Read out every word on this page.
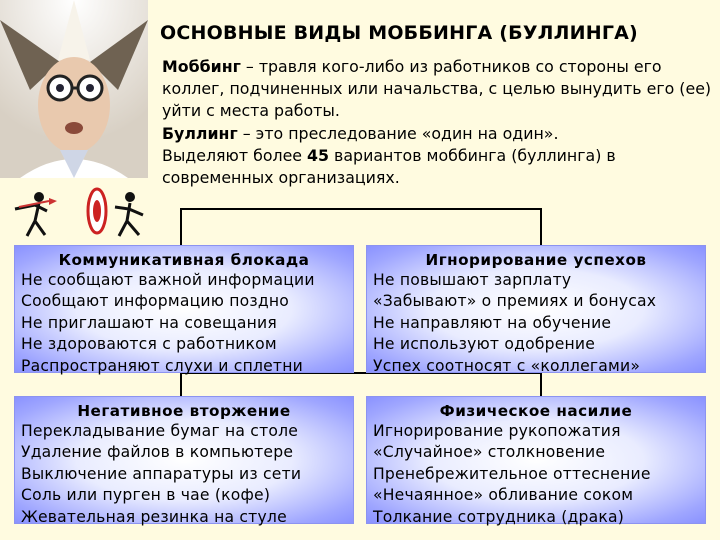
ОСНОВНЫЕ ВИДЫ МОББИНГА (БУЛЛИНГА)
Моббинг – травля кого-либо из работников со стороны его коллег, подчиненных или начальства, с целью вынудить его (ее) уйти с места работы.
Буллинг – это преследование «один на один».
Выделяют более 45 вариантов моббинга (буллинга) в современных организациях.
Коммуникативная блокада
Не сообщают важной информации
Сообщают информацию поздно
Не приглашают на совещания
Не здороваются с работником
Распространяют слухи и сплетни
Игнорирование успехов
Не повышают зарплату
«Забывают» о премиях и бонусах
Не направляют на обучение
Не используют одобрение
Успех соотносят с «коллегами»
Негативное вторжение
Перекладывание бумаг на столе
Удаление файлов в компьютере
Выключение аппаратуры из сети
Соль или пурген в чае (кофе)
Жевательная резинка на стуле
Физическое насилие
Игнорирование рукопожатия
«Случайное» столкновение
Пренебрежительное оттеснение
«Нечаянное» обливание соком
Толкание сотрудника (драка)
